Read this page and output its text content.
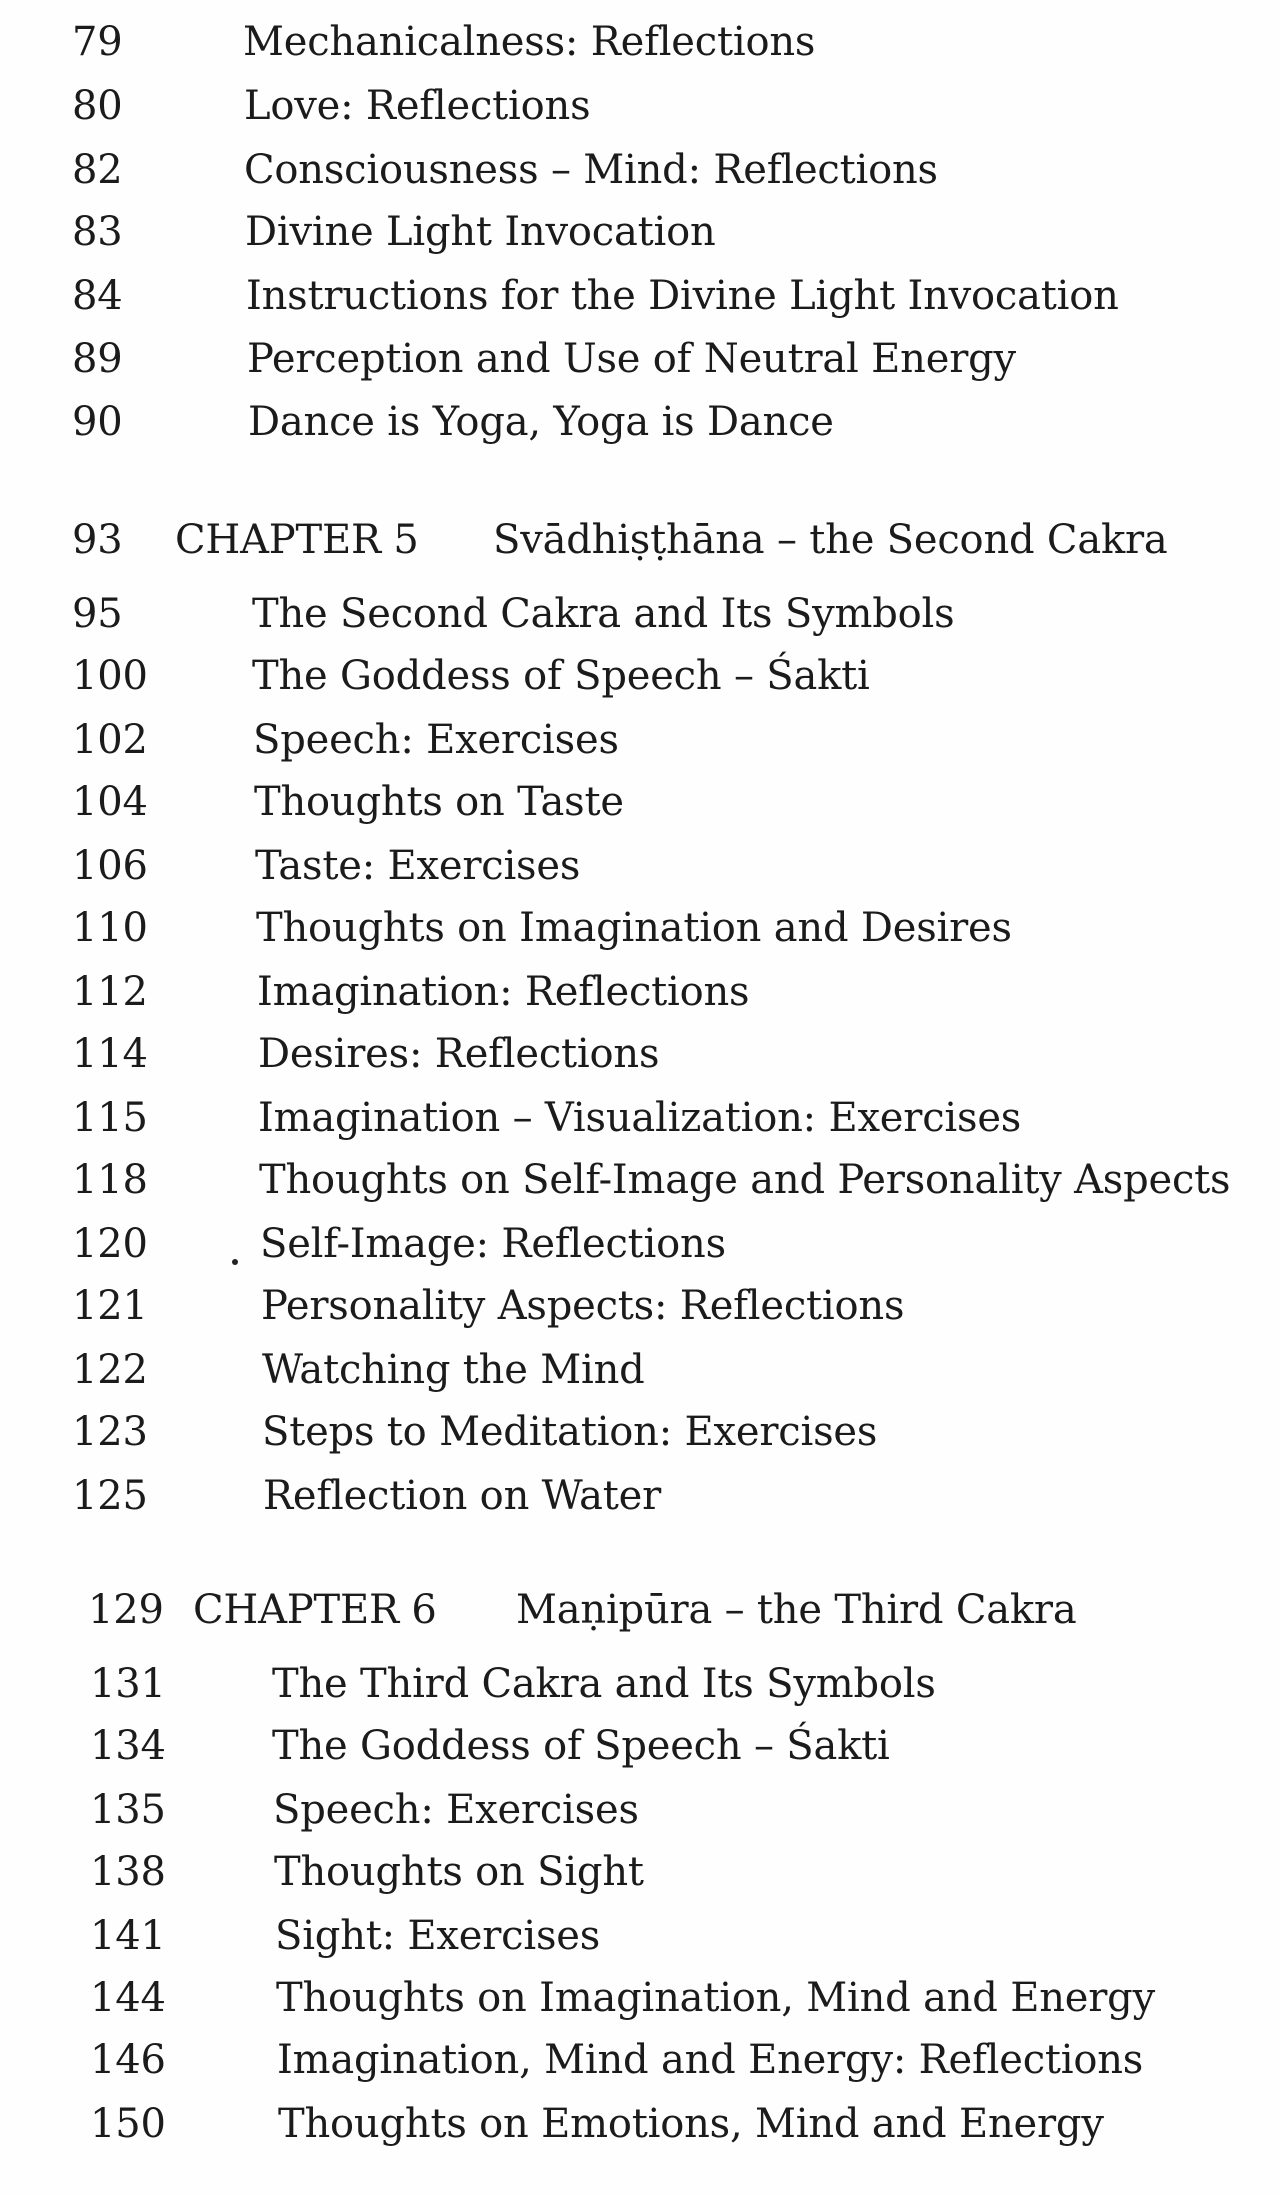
79	Mechanicalness: Reflections
80	Love: Reflections
82	Consciousness – Mind: Reflections
83	Divine Light Invocation
84	Instructions for the Divine Light Invocation
89	Perception and Use of Neutral Energy
90	Dance is Yoga, Yoga is Dance
93 CHAPTER 5 Svādhiṣṭhāna – the Second Cakra
95	The Second Cakra and Its Symbols
100	The Goddess of Speech – Śakti
102	Speech: Exercises
104	Thoughts on Taste
106	Taste: Exercises
110	Thoughts on Imagination and Desires
112	Imagination: Reflections
114	Desires: Reflections
115	Imagination – Visualization: Exercises
118	Thoughts on Self-Image and Personality Aspects
120	Self-Image: Reflections
121	Personality Aspects: Reflections
122	Watching the Mind
123	Steps to Meditation: Exercises
125	Reflection on Water
129 CHAPTER 6 Maṇipūra – the Third Cakra
131	The Third Cakra and Its Symbols
134	The Goddess of Speech – Śakti
135	Speech: Exercises
138	Thoughts on Sight
141	Sight: Exercises
144	Thoughts on Imagination, Mind and Energy
146	Imagination, Mind and Energy: Reflections
150	Thoughts on Emotions, Mind and Energy
